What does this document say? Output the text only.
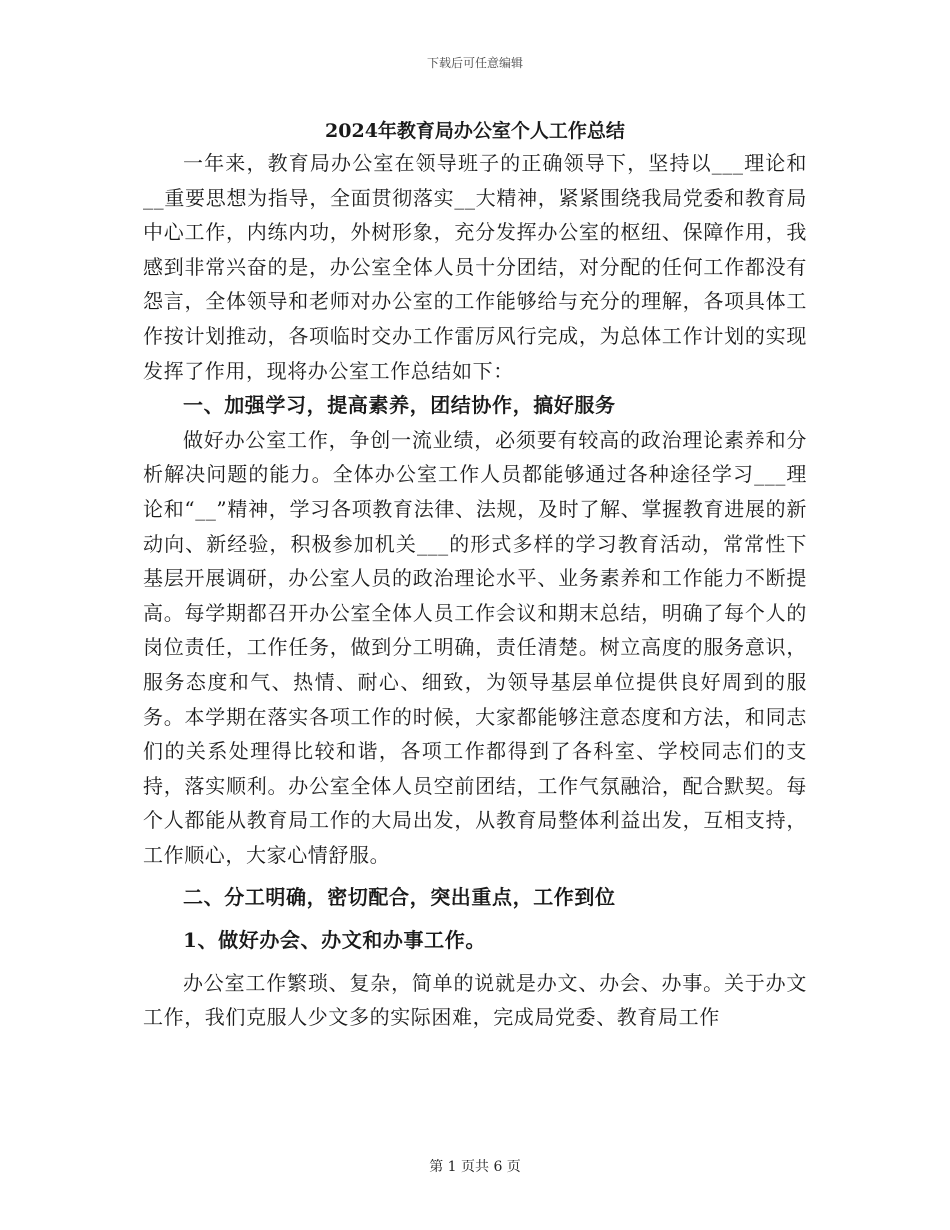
下载后可任意编辑
2024年教育局办公室个人工作总结

一年来，教育局办公室在领导班子的正确领导下，坚持以___理论和__重要思想为指导，全面贯彻落实__大精神，紧紧围绕我局党委和教育局中心工作，内练内功，外树形象，充分发挥办公室的枢纽、保障作用，我感到非常兴奋的是，办公室全体人员十分团结，对分配的任何工作都没有怨言，全体领导和老师对办公室的工作能够给与充分的理解，各项具体工作按计划推动，各项临时交办工作雷厉风行完成，为总体工作计划的实现发挥了作用，现将办公室工作总结如下：

一、加强学习，提高素养，团结协作，搞好服务

做好办公室工作，争创一流业绩，必须要有较高的政治理论素养和分析解决问题的能力。全体办公室工作人员都能够通过各种途径学习___理论和“__”精神，学习各项教育法律、法规，及时了解、掌握教育进展的新动向、新经验，积极参加机关___的形式多样的学习教育活动，常常性下基层开展调研，办公室人员的政治理论水平、业务素养和工作能力不断提高。每学期都召开办公室全体人员工作会议和期末总结，明确了每个人的岗位责任，工作任务，做到分工明确，责任清楚。树立高度的服务意识，服务态度和气、热情、耐心、细致，为领导基层单位提供良好周到的服务。本学期在落实各项工作的时候，大家都能够注意态度和方法，和同志们的关系处理得比较和谐，各项工作都得到了各科室、学校同志们的支持，落实顺利。办公室全体人员空前团结，工作气氛融洽，配合默契。每个人都能从教育局工作的大局出发，从教育局整体利益出发，互相支持，工作顺心，大家心情舒服。

二、分工明确，密切配合，突出重点，工作到位

1、做好办会、办文和办事工作。

办公室工作繁琐、复杂，简单的说就是办文、办会、办事。关于办文工作，我们克服人少文多的实际困难，完成局党委、教育局工作

第 1 页共 6 页
